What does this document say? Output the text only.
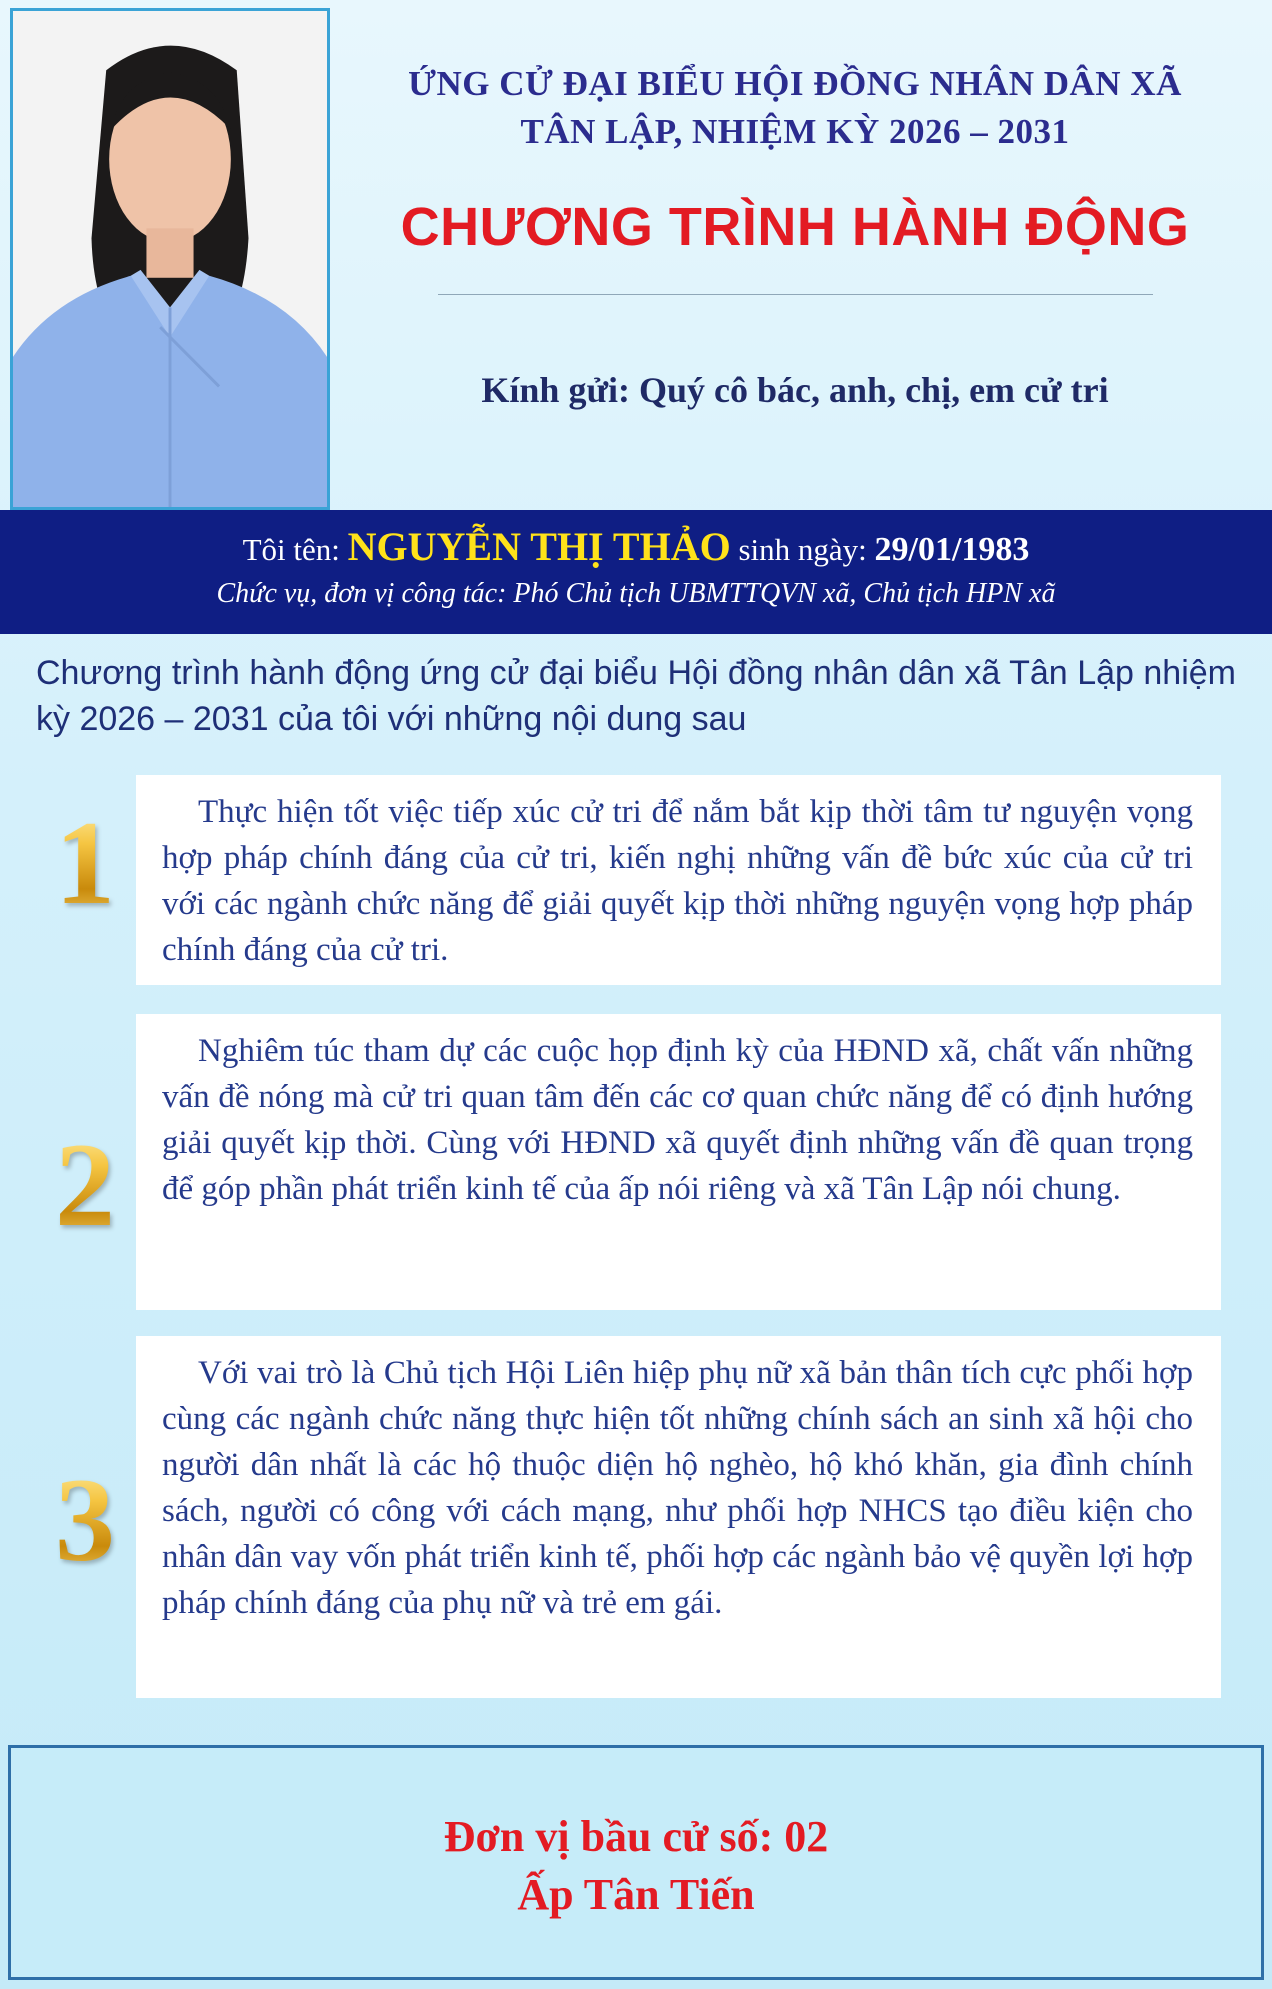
ỨNG CỬ ĐẠI BIỂU HỘI ĐỒNG NHÂN DÂN XÃ
TÂN LẬP, NHIỆM KỲ 2026 – 2031
CHƯƠNG TRÌNH HÀNH ĐỘNG
Kính gửi: Quý cô bác, anh, chị, em cử tri
Tôi tên: NGUYỄN THỊ THẢO sinh ngày: 29/01/1983
Chức vụ, đơn vị công tác: Phó Chủ tịch UBMTTQVN xã, Chủ tịch HPN xã
Chương trình hành động ứng cử đại biểu Hội đồng nhân dân xã Tân Lập nhiệm kỳ 2026 – 2031 của tôi với những nội dung sau
1	Thực hiện tốt việc tiếp xúc cử tri để nắm bắt kịp thời tâm tư nguyện vọng hợp pháp chính đáng của cử tri, kiến nghị những vấn đề bức xúc của cử tri với các ngành chức năng để giải quyết kịp thời những nguyện vọng hợp pháp chính đáng của cử tri.
2
Nghiêm túc tham dự các cuộc họp định kỳ của HĐND xã, chất vấn những vấn đề nóng mà cử tri quan tâm đến các cơ quan chức năng để có định hướng giải quyết kịp thời. Cùng với HĐND xã quyết định những vấn đề quan trọng để góp phần phát triển kinh tế của ấp nói riêng và xã Tân Lập nói chung.
3
Với vai trò là Chủ tịch Hội Liên hiệp phụ nữ xã bản thân tích cực phối hợp cùng các ngành chức năng thực hiện tốt những chính sách an sinh xã hội cho người dân nhất là các hộ thuộc diện hộ nghèo, hộ khó khăn, gia đình chính sách, người có công với cách mạng, như phối hợp NHCS tạo điều kiện cho nhân dân vay vốn phát triển kinh tế, phối hợp các ngành bảo vệ quyền lợi hợp pháp chính đáng của phụ nữ và trẻ em gái.
Đơn vị bầu cử số: 02
Ấp Tân Tiến
